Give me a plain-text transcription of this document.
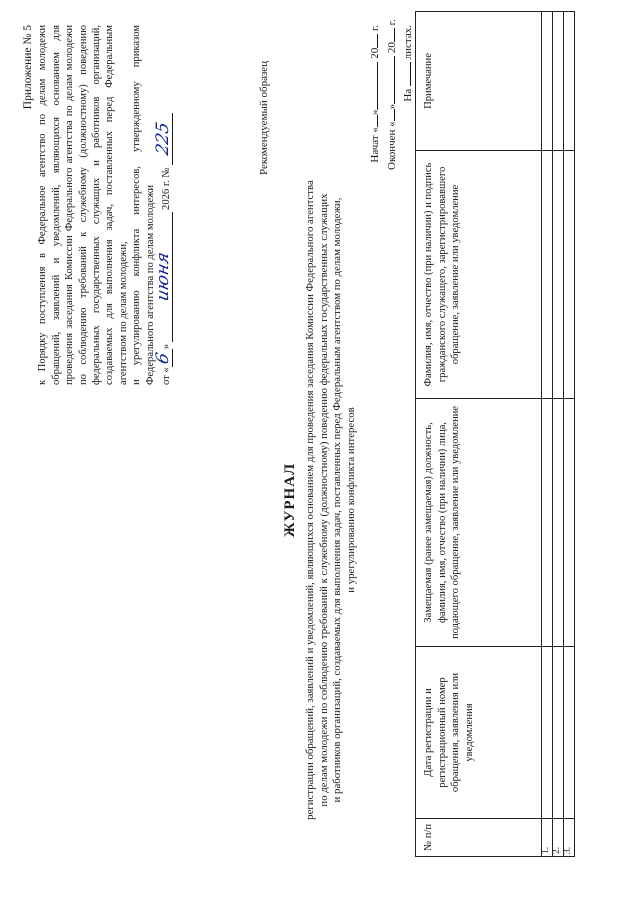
Приложение № 5 к Порядку поступления в Федеральное агентство по делам молодежи обращений, заявлений и уведомлений, являющихся основанием для проведения заседания Комиссии Федерального агентства по делам молодежи по соблюдению требований к служебному (должностному) поведению федеральных государственных служащих и работников организаций, создаваемых для выполнения задач, поставленных перед Федеральным агентством по делам молодежи, и урегулированию конфликта интересов, утвержденному приказом Федерального агентства по делам молодежи от «
6
»
июня
2026 г. №
225	Рекомендуемый образец

регистрации обращений, заявлений и уведомлений, являющихся основанием для проведения заседания Комиссии Федерального агентства по делам молодежи по соблюдению требований к служебному (должностному) поведению федеральных государственных служащих и работников организаций, создаваемых для выполнения задач, поставленных перед Федеральным агентством по делам молодежи, и урегулированию конфликта интересов

ЖУРНАЛ
Начат «» 20 г.
Окончен «» 20 г.
На  листах.
№ п/п	Дата регистрации и регистрационный номер обращения, заявления или уведомления	Замещаемая (ранее замещаемая) должность, фамилия, имя, отчество (при наличии) лица, подающего обращение, заявление или уведомление	Фамилия, имя, отчество (при наличии) и подпись гражданского служащего, зарегистрировавшего обращение, заявление или уведомление	Примечание
1.				
2.				
3.				
